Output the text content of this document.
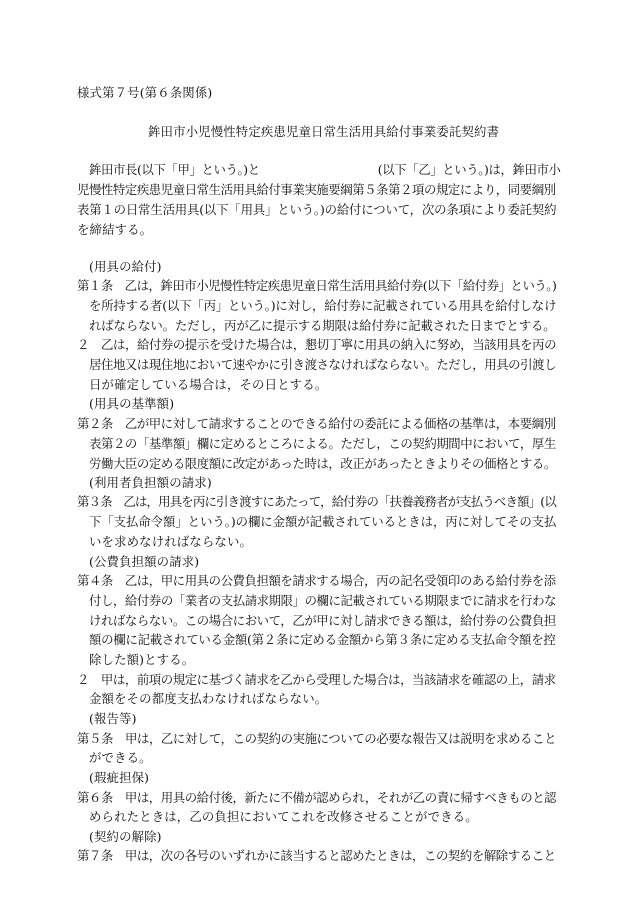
様式第７号(第６条関係)
鉾田市小児慢性特定疾患児童日常生活用具給付事業委託契約書
鉾田市長(以下「甲」という。)と	(以下「乙」という。)は，鉾田市小
児慢性特定疾患児童日常生活用具給付事業実施要綱第５条第２項の規定により，同要綱別
表第１の日常生活用具(以下「用具」という。)の給付について，次の条項により委託契約
を締結する。
(用具の給付)
第１条　乙は，鉾田市小児慢性特定疾患児童日常生活用具給付券(以下「給付券」という。)
を所持する者(以下「丙」という。)に対し，給付券に記載されている用具を給付しなけ
ればならない。ただし，丙が乙に提示する期限は給付券に記載された日までとする。
２　乙は，給付券の提示を受けた場合は，懇切丁寧に用具の納入に努め，当該用具を丙の
居住地又は現住地において速やかに引き渡さなければならない。ただし，用具の引渡し
日が確定している場合は，その日とする。
(用具の基準額)
第２条　乙が甲に対して請求することのできる給付の委託による価格の基準は，本要綱別
表第２の「基準額」欄に定めるところによる。ただし，この契約期間中において，厚生
労働大臣の定める限度額に改定があった時は，改正があったときよりその価格とする。
(利用者負担額の請求)
第３条　乙は，用具を丙に引き渡すにあたって，給付券の「扶養義務者が支払うべき額」(以
下「支払命令額」という。)の欄に金額が記載されているときは，丙に対してその支払
いを求めなければならない。
(公費負担額の請求)
第４条　乙は，甲に用具の公費負担額を請求する場合，丙の記名受領印のある給付券を添
付し，給付券の「業者の支払請求期限」の欄に記載されている期限までに請求を行わな
ければならない。この場合において，乙が甲に対し請求できる額は，給付券の公費負担
額の欄に記載されている金額(第２条に定める金額から第３条に定める支払命令額を控
除した額)とする。
２　甲は，前項の規定に基づく請求を乙から受理した場合は，当該請求を確認の上，請求
金額をその都度支払わなければならない。
(報告等)
第５条　甲は，乙に対して，この契約の実施についての必要な報告又は説明を求めること
ができる。
(瑕疵担保)
第６条　甲は，用具の給付後，新たに不備が認められ，それが乙の責に帰すべきものと認
められたときは，乙の負担においてこれを改修させることができる。
(契約の解除)
第７条　甲は，次の各号のいずれかに該当すると認めたときは，この契約を解除すること
